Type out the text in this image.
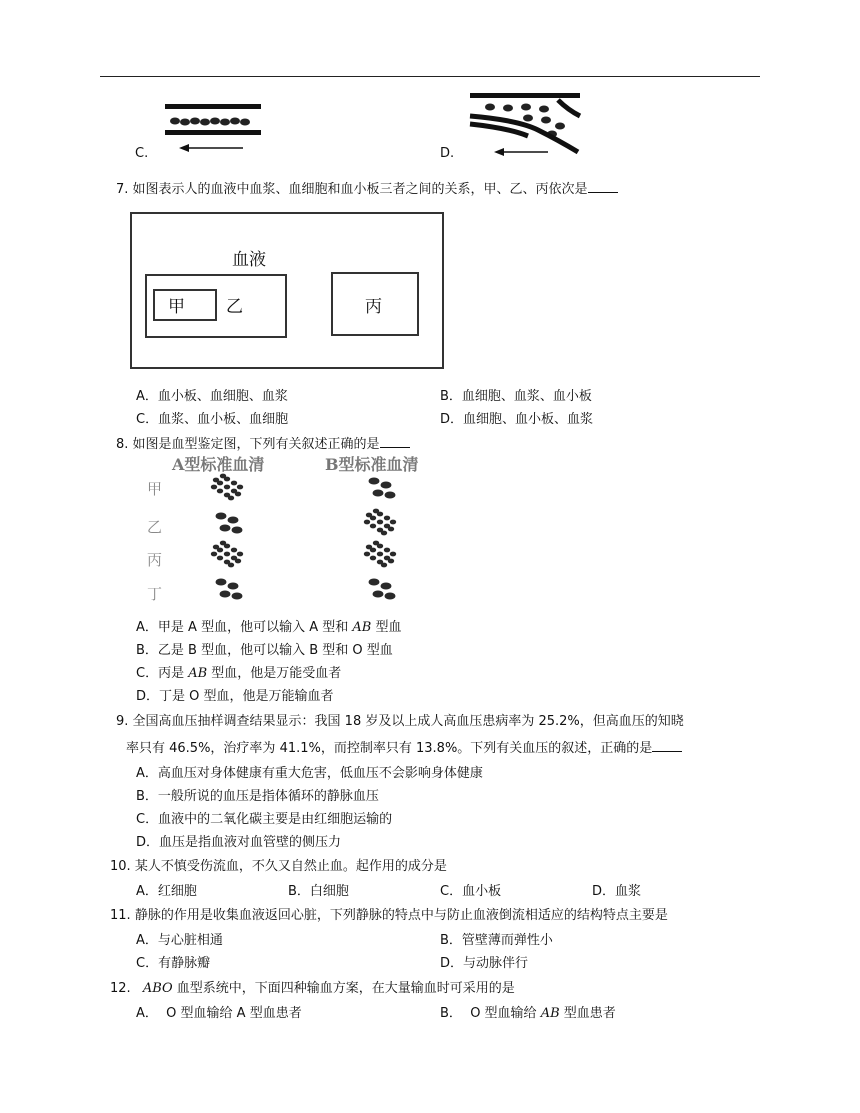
C.	D.
7. 如图表示人的血液中血浆、血细胞和血小板三者之间的关系，甲、乙、丙依次是
血液
甲 乙	丙
A．血小板、血细胞、血浆	B．血细胞、血浆、血小板
C．血浆、血小板、血细胞	D．血细胞、血小板、血浆
8. 如图是血型鉴定图，下列有关叙述正确的是
A型标准血清	B型标准血清
甲
乙
丙
丁
A．甲是 A 型血，他可以输入 A 型和 AB 型血
B．乙是 B 型血，他可以输入 B 型和 O 型血
C．丙是 AB 型血，他是万能受血者
D．丁是 O 型血，他是万能输血者
9. 全国高血压抽样调查结果显示：我国 18 岁及以上成人高血压患病率为 25.2%，但高血压的知晓
率只有 46.5%，治疗率为 41.1%，而控制率只有 13.8%。下列有关血压的叙述，正确的是
A．高血压对身体健康有重大危害，低血压不会影响身体健康
B．一般所说的血压是指体循环的静脉血压
C．血液中的二氧化碳主要是由红细胞运输的
D．血压是指血液对血管壁的侧压力
10. 某人不慎受伤流血，不久又自然止血。起作用的成分是
A．红细胞	B．白细胞	C．血小板	D．血浆
11. 静脉的作用是收集血液返回心脏，下列静脉的特点中与防止血液倒流相适应的结构特点主要是
A．与心脏相通	B．管壁薄而弹性小
C．有静脉瓣	D．与动脉伴行
12. ABO 血型系统中，下面四种输血方案，在大量输血时可采用的是
A． O 型血输给 A 型血患者	B． O 型血输给 AB 型血患者
